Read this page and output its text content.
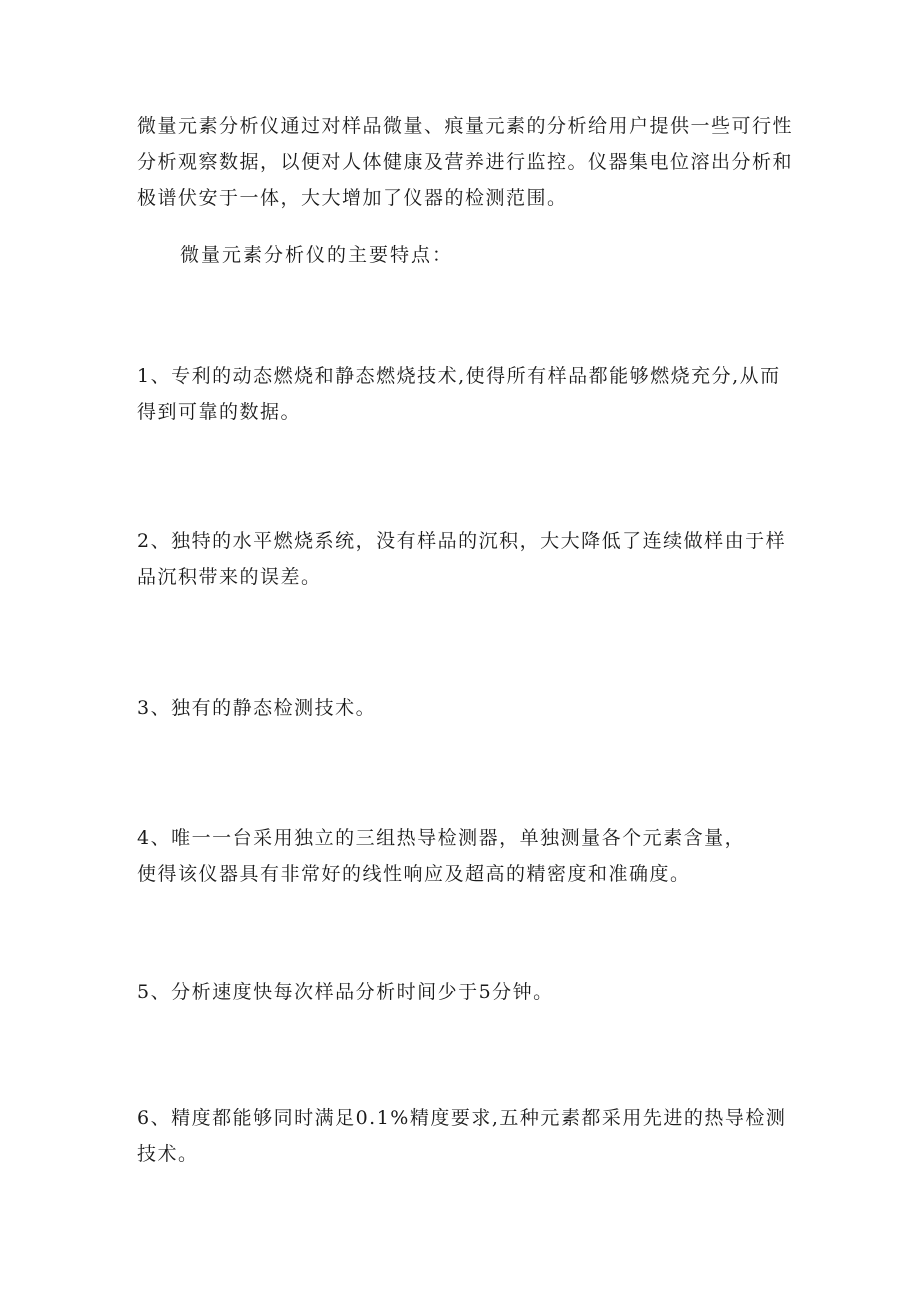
微量元素分析仪通过对样品微量、痕量元素的分析给用户提供一些可行性分析观察数据，以便对人体健康及营养进行监控。仪器集电位溶出分析和极谱伏安于一体，大大增加了仪器的检测范围。

微量元素分析仪的主要特点：

1、专利的动态燃烧和静态燃烧技术,使得所有样品都能够燃烧充分,从而得到可靠的数据。

2、独特的水平燃烧系统，没有样品的沉积，大大降低了连续做样由于样品沉积带来的误差。

3、独有的静态检测技术。

4、唯一一台采用独立的三组热导检测器，单独测量各个元素含量，使得该仪器具有非常好的线性响应及超高的精密度和准确度。

5、分析速度快每次样品分析时间少于5分钟。

6、精度都能够同时满足0.1%精度要求,五种元素都采用先进的热导检测技术。
